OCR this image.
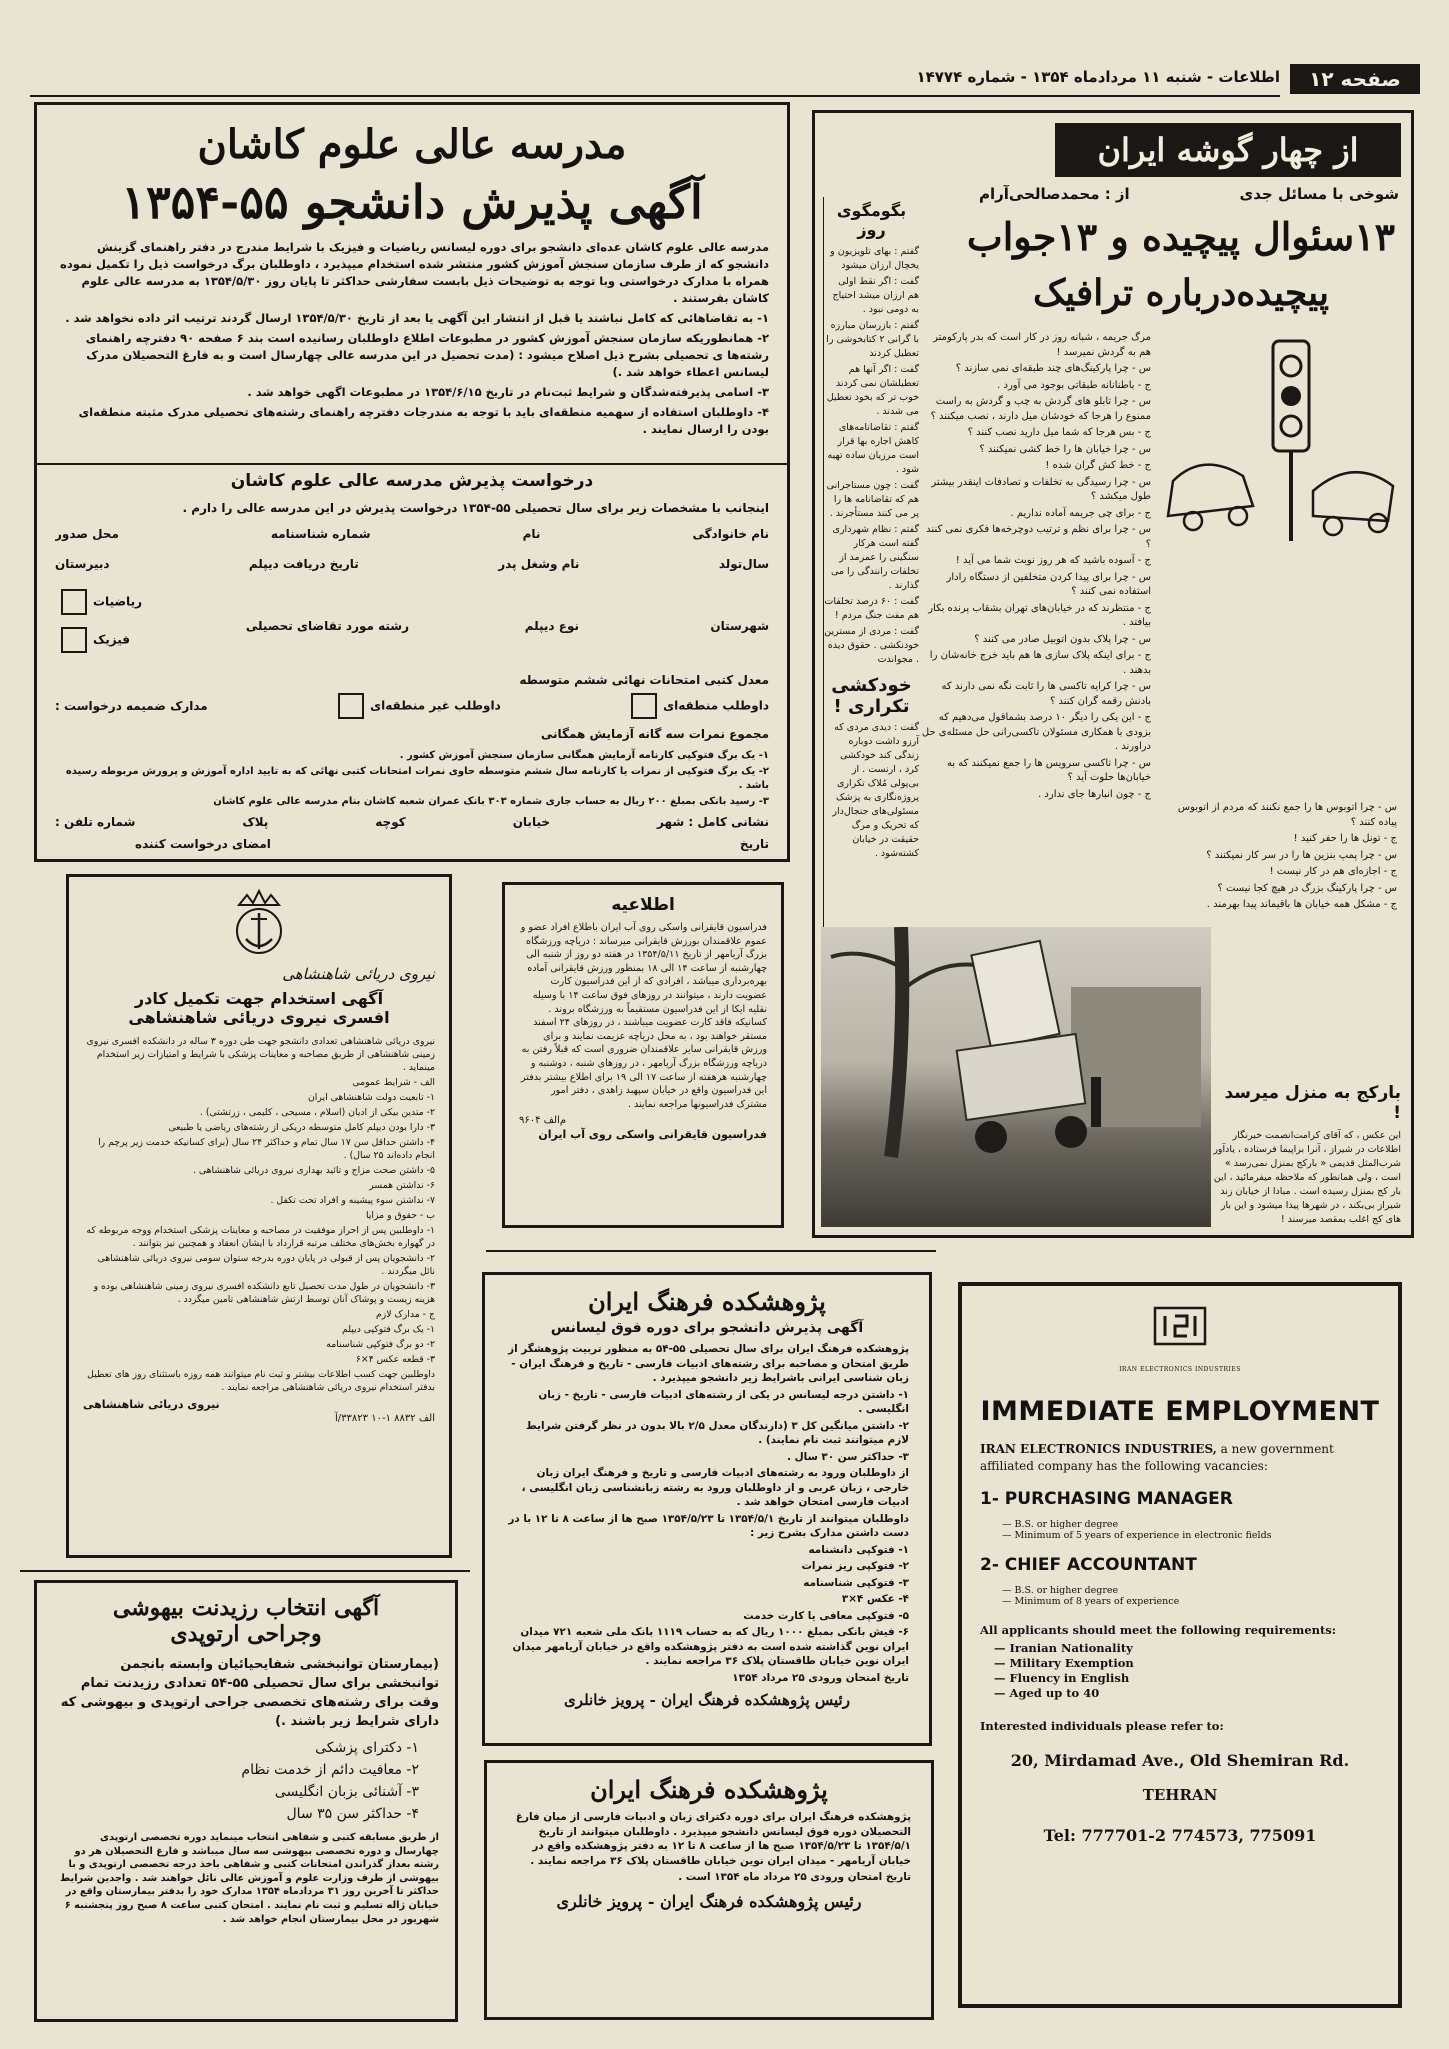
صفحه ۱۲
اطلاعات - شنبه ۱۱ مردادماه ۱۳۵۴ - شماره ۱۴۷۷۴
مدرسه عالی علوم کاشان
آگهی پذیرش دانشجو ۵۵-۱۳۵۴

مدرسه عالی علوم کاشان عده‌ای دانشجو برای دوره لیسانس ریاضیات و فیزیک با شرایط مندرج در دفتر راهنمای گزینش دانشجو که از طرف سازمان سنجش آموزش کشور منتشر شده استخدام میپذیرد ، داوطلبان برگ درخواست ذیل را تکمیل نموده همراه با مدارک درخواستی وبا توجه به توضیحات ذیل بابست سفارشی حداکثر تا پایان روز ۱۳۵۴/۵/۳۰ به مدرسه عالی علوم کاشان بفرستند .

۱- به تقاضاهائی که کامل نباشند یا قبل از انتشار این آگهی یا بعد از تاریخ ۱۳۵۴/۵/۳۰ ارسال گردند ترتیب اثر داده نخواهد شد .

۲- همانطوریکه سازمان سنجش آموزش کشور در مطبوعات اطلاع داوطلبان رسانیده است بند ۶ صفحه ۹۰ دفترچه راهنمای رشته‌ها ی تحصیلی بشرح ذیل اصلاح میشود : (مدت تحصیل در این مدرسه عالی چهارسال است و به فارغ التحصیلان مدرک لیسانس اعطاء خواهد شد .)

۳- اسامی پذیرفته‌شدگان و شرایط ثبت‌نام در تاریخ ۱۳۵۴/۶/۱۵ در مطبوعات اگهی خواهد شد .

۴- داوطلبان استفاده از سهمیه منطقه‌ای باید با توجه به مندرجات دفترچه راهنمای رشته‌های تحصیلی مدرک مثبته منطقه‌ای بودن را ارسال نمایند .

درخواست پذیرش مدرسه عالی علوم کاشان
اینجانب با مشخصات زیر برای سال تحصیلی ۵۵-۱۳۵۴ درخواست پذیرش در این مدرسه عالی را دارم .
نام خانوادگی
نام
شماره شناسنامه
محل صدور
سال‌تولد
نام وشغل پدر
تاریخ دریافت دیپلم
دبیرستان
شهرستان
نوع دیپلم
رشته مورد تقاضای تحصیلی
ریاضیات
فیزیک
معدل کتبی امتحانات نهائی ششم متوسطه
داوطلب منطقه‌ای
داوطلب غیر منطقه‌ای
مدارک ضمیمه درخواست :
مجموع نمرات سه گانه آزمایش همگانی

۱- یک برگ فتوکپی کارنامه آزمایش همگانی سازمان سنجش آموزش کشور .

۲- یک برگ فتوکپی از نمرات یا کارنامه سال ششم متوسطه حاوی نمرات امتحانات کتبی نهائی که به تایید اداره آموزش و پرورش مربوطه رسیده باشد .

۳- رسید بانکی بمبلغ ۲۰۰ ریال به حساب جاری شماره ۳۰۳ بانک عمران شعبه کاشان بنام مدرسه عالی علوم کاشان

نشانی کامل : شهر
خیابان
کوچه
پلاک
شماره تلفن :
تاریخ
امضای درخواست کننده
از چهار گوشه ایران
شوخی با مسائل جدی
از : محمدصالحی‌آرام
۱۳سئوال پیچیده و ۱۳جواب
پیچیده‌درباره ترافیک
بگومگوی روز

گفتم : بهای تلویزیون و یخچال ارزان میشود

گفت : اگر نقط اولی هم ارزان میشد احتیاج به دومی نبود .

گفتم : بازرسان مبارزه با گرانی ۲ کتابخوشی را تعطیل کردند

گفت : اگر آنها هم تعطیلشان نمی کردند خوب تر که بخود تعطیل می شدند .

گفتم : تقاضانامه‌های کاهش اجاره بها قرار است مرزیان ساده تهیه شود .

گفت : چون مستاجرانی هم که تقاضانامه ها را پر می کنند مستأجرند .

گفتم : نظام شهرداری گفته است هرکار سنگینی را عمرمد از تخلفات رانندگی را می گذارند .

گفت : ۶۰ درصد تخلفات هم مفت جنگ مردم !

گفت : مردی از مسترین خودنکشی . حقوق دیده . مجواندت

خودکشی تکراری !
گفت : دیدی مردی که آرزو داشت دوباره زندگی کند خودکشی کرد ، ارنست . از بی‌پولی مُلاک تکراری پروژه‌نگاری به پزشک مسئولی‌های جنجال‌دار که تحریک و مرگ حقیقت در خیابان کشته‌شود .

مرگ جریمه ، شبانه روز در کار است که بدر پارکومتر هم به گردش نمیرسد !

س - چرا پارکینگ‌های چند طبقه‌ای نمی سازند ؟

ج - باطنانانه طبقاتی بوجود می آورد .

س - چرا تابلو های گردش به چپ و گردش به راست ممنوع را هرجا که خودشان میل دارند ، نصب میکنند ؟

ج - بس هرجا که شما میل دارید نصب کنند ؟

س - چرا خیابان ها را خط کشی نمیکنند ؟

ج - خط کش گران شده !

س - چرا رسیدگی به تخلفات و تصادفات اینقدر بیشتر طول میکشد ؟

ج - برای چی جریمه آماده نداریم .

س - چرا برای نظم و ترتیب دوچرخه‌ها فکری نمی کنند ؟

ج - آسوده باشید که هر روز نوبت شما می آید !

س - چرا برای پیدا کردن متخلفین از دستگاه رادار استفاده نمی کنند ؟

ج - منتظرند که در خیابان‌های تهران بشقاب پرنده بکار بیافتد .

س - چرا پلاک بدون اتوبیل صادر می کنند ؟

ج - برای اینکه پلاک سازی ها هم باید خرج خانه‌شان را بدهند .

س - چرا کرایه تاکسی ها را ثابت نگه نمی دارند که بادنش رقمه گران کنند ؟

ج - این یکی را دیگر ۱۰ درصد بشماقول می‌دهیم که بزودی با همکاری مسئولان تاکسی‌رانی حل مسئله‌ی حل دراورند .

س - چرا تاکسی سرویس ها را جمع نمیکنند که به خیابان‌ها حلوت آید ؟

ج - چون انبارها جای ندارد .

س - چرا اتوبوس ها را جمع نکنند که مردم از اتوبوس پیاده کنند ؟

ج - تونل ها را حفر کنید !

س - چرا پمپ بنزین ها را در سر کار نمیکنند ؟

ج - اجازه‌ای هم در کار نیست !

س - چرا پارکینگ بزرگ در هیچ کجا نیست ؟

ج - مشکل همه خیابان ها باقیماند پیدا بهرمند .

بارکج به منزل میرسد !
این عکس ، که آقای کرامت‌انصمت خبرنگار اطلاعات در شیراز ، آنرا براپیما فرستاده ، یادآور شرب‌المثل قدیمی « بارکج بمنزل نمی‌رسد » است ، ولی همانطور که ملاحظه میفرمائید ، این بار کج بمنزل رسیده است . مبادا از خیابان زند شیراز بی‌بکند ، در شهر‌ها پیدا میشود و این بار های کج اغلب بمقصد میرسند !
نیروی دریائی شاهنشاهی
آگهی استخدام جهت تکمیل کادر
افسری نیروی دریائی شاهنشاهی

نیروی دریائی شاهنشاهی تعدادی دانشجو جهت طی دوره ۳ ساله در دانشکده افسری نیروی زمینی شاهنشاهی از طریق مصاحبه و معاینات پزشکی با شرایط و امتیازات زیر استخدام مینماید .

الف - شرایط عمومی

۱- تابعیت دولت شاهنشاهی ایران

۲- متدین بیکی از ادیان (اسلام ، مسیحی ، کلیمی ، زرتشتی) .

۳- دارا بودن دیپلم کامل متوسطه دریکی از رشته‌های ریاضی یا طبیعی

۴- داشتن حداقل سن ۱۷ سال تمام و حداکثر ۲۴ سال (برای کسانیکه خدمت زیر پرچم را انجام داده‌اند ۲۵ سال) .

۵- داشتن صحت مزاج و تائید بهداری نیروی دریائی شاهنشاهی .

۶- نداشتن همسر

۷- نداشتن سوء پیشینه و افراد تحت تکفل .

ب - حقوق و مزایا

۱- داوطلبین پس از احراز موفقیت در مصاحبه و معاینات پزشکی استخدام ووجه مربوطه که در گهواره بخش‌های مختلف مرتبه قرارداد با ایشان انعقاد و همچنین نیز بتوانند .

۲- دانشجویان پس از قبولی در پایان دوره بدرجه ستوان سومی نیروی دریائی شاهنشاهی نائل میگردند .

۳- دانشجویان در طول مدت تحصیل تابع دانشکده افسری نیروی زمینی شاهنشاهی بوده و هزینه زیست و پوشاک آنان توسط ارتش شاهنشاهی تامین میگردد .

ج - مدارک لازم

۱- یک برگ فتوکپی دیپلم

۲- دو برگ فتوکپی شناسنامه

۳- قطعه عکس ۴×۶

داوطلبین جهت کسب اطلاعات بیشتر و ثبت نام میتوانند همه روزه باستثنای روز های تعطیل بدفتر استخدام نیروی دریائی شاهنشاهی مراجعه نمایند .

نیروی دریائی شاهنشاهی
الف ۸۸۳۲ ۱-۱۰ ۳۳۸۲۳/آ
اطلاعیه
فدراسیون قایقرانی واسکی روی آب ایران باطلاع افراد عضو و عموم علاقمندان بورزش قایقرانی میرساند : دریاچه ورزشگاه بزرگ آریامهر از تاریخ ۱۳۵۴/۵/۱۱ در هفته دو روز از شنبه الی چهارشنبه از ساعت ۱۴ الی ۱۸ بمنظور ورزش قایقرانی آماده بهره‌برداری میباشد ، افرادی که از این فدراسیون کارت عضویت دارند ، میتوانند در روزهای فوق ساعت ۱۴ با وسیله نقلیه ایکا از این فدراسیون مستقیماً به ورزشگاه بروند . کسانیکه فاقد کارت عضویت میباشند ، در روزهای ۲۴ اسفند مستقر خواهند بود ، به محل دریاچه عزیمت نمایند و برای ورزش قایقرانی سایر علاقمندان ضروری است که قبلاً رفتن به دریاچه ورزشگاه بزرگ آریامهر ، در روزهای شنبه ، دوشنبه و چهارشنبه هرهفته از ساعت ۱۷ الی ۱۹ برای اطلاع بیشتر بدفتر این فدراسیون واقع در خیابان سپهبد زاهدی ، دفتر امور مشترک فدراسیونها مراجعه نمایند .
م‌الف ۹۶۰۴
فدراسیون قایقرانی واسکی روی آب ایران
پژوهشکده فرهنگ ایران
آگهی پذیرش دانشجو برای دوره فوق لیسانس

پژوهشکده فرهنگ ایران برای سال تحصیلی ۵۵-۵۴ به منظور تربیت پژوهشگر از طریق امتحان و مصاحبه برای رشته‌های ادبیات فارسی - تاریخ و فرهنگ ایران - زبان شناسی ایرانی باشرایط زیر دانشجو میپذیرد .

۱- داشتن درجه لیسانس در یکی از رشته‌های ادبیات فارسی - تاریخ - زبان انگلیسی .

۲- داشتن میانگین کل ۳ (دارندگان معدل ۲/۵ بالا بدون در نظر گرفتن شرایط لازم میتوانند ثبت نام نمایند) .

۳- حداکثر سن ۳۰ سال .

از داوطلبان ورود به رشته‌های ادبیات فارسی و تاریخ و فرهنگ ایران زبان خارجی ، زبان عربی و از داوطلبان ورود به رشته زبانشناسی زبان انگلیسی ، ادبیات فارسی امتحان خواهد شد .

داوطلبان میتوانند از تاریخ ۱۳۵۴/۵/۱ تا ۱۳۵۴/۵/۲۳ صبح ها از ساعت ۸ تا ۱۲ با در دست داشتن مدارک بشرح زیر :

۱- فتوکپی دانشنامه

۲- فتوکپی ریز نمرات

۳- فتوکپی شناسنامه

۴- عکس ۴×۳

۵- فتوکپی معافی یا کارت خدمت

۶- فیش بانکی بمبلغ ۱۰۰۰ ریال که به حساب ۱۱۱۹ بانک ملی شعبه ۷۲۱ میدان ایران نوین گذاشته شده است به دفتر پژوهشکده واقع در خیابان آریامهر میدان ایران نوین خیابان طاقستان پلاک ۳۶ مراجعه نمایند .

تاریخ امتحان ورودی ۲۵ مرداد ۱۳۵۴

رئیس پژوهشکده فرهنگ ایران - پرویز خانلری
پژوهشکده فرهنگ ایران
پژوهشکده فرهنگ ایران برای دوره دکترای زبان و ادبیات فارسی از میان فارغ التحصیلان دوره فوق لیسانس دانشجو میپذیرد . داوطلبان میتوانند از تاریخ ۱۳۵۴/۵/۱ تا ۱۳۵۴/۵/۲۳ صبح ها از ساعت ۸ تا ۱۲ به دفتر پژوهشکده واقع در خیابان آریامهر - میدان ایران نوین خیابان طاقستان پلاک ۳۶ مراجعه نمایند .
تاریخ امتحان ورودی ۲۵ مرداد ماه ۱۳۵۴ است .
رئیس پژوهشکده فرهنگ ایران - پرویز خانلری
آگهی انتخاب رزیدنت بیهوشی
وجراحی ارتوپدی
(بیمارستان توانبخشی شفایحیائیان وابسته بانجمن توانبخشی برای سال تحصیلی ۵۵-۵۴ تعدادی رزیدنت تمام وقت برای رشته‌های تخصصی جراحی ارتوپدی و بیهوشی که دارای شرایط زیر باشند .)
۱- دکترای پزشکی
۲- معافیت دائم از خدمت نظام
۳- آشنائی بزبان انگلیسی
۴- حداکثر سن ۳۵ سال
از طریق مسابقه کتبی و شفاهی انتخاب مینماید دوره تخصصی ارتوپدی چهارسال و دوره تخصصی بیهوشی سه سال میباشد و فارغ التحصیلان هر دو رشته بعداز گذراندن امتحانات کتبی و شفاهی باخذ درجه تخصصی ارتوپدی و با بیهوشی از طرف وزارت علوم و آموزش عالی نائل خواهند شد . واجدین شرایط حداکثر تا آخرین روز ۳۱ مردادماه ۱۳۵۴ مدارک خود را بدفتر بیمارستان واقع در خیابان ژاله تسلیم و ثبت نام نمایند . امتحان کتبی ساعت ۸ صبح روز پنجشنبه ۶ شهریور در محل بیمارستان انجام خواهد شد .
IRAN ELECTRONICS INDUSTRIES
IMMEDIATE EMPLOYMENT
IRAN ELECTRONICS INDUSTRIES, a new government affiliated company has the following vacancies:
1- PURCHASING MANAGER
— B.S. or higher degree
— Minimum of 5 years of experience in electronic fields
2- CHIEF ACCOUNTANT
— B.S. or higher degree
— Minimum of 8 years of experience
All applicants should meet the following requirements:
— Iranian Nationality
— Military Exemption
— Fluency in English
— Aged up to 40
Interested individuals please refer to:
20, Mirdamad Ave., Old Shemiran Rd.
TEHRAN
Tel: 777701-2 774573, 775091
